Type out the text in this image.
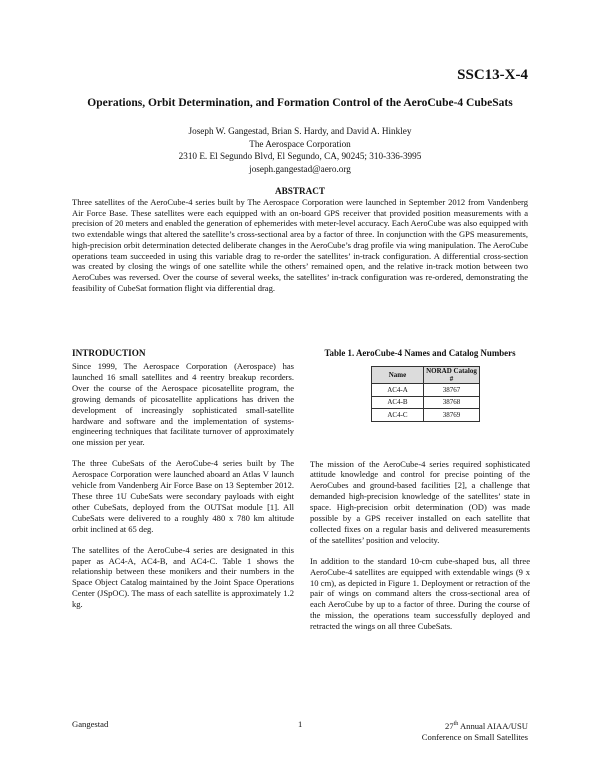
SSC13-X-4
Operations, Orbit Determination, and Formation Control of the AeroCube-4 CubeSats
Joseph W. Gangestad, Brian S. Hardy, and David A. Hinkley
The Aerospace Corporation
2310 E. El Segundo Blvd, El Segundo, CA, 90245; 310-336-3995
joseph.gangestad@aero.org
ABSTRACT

Three satellites of the AeroCube-4 series built by The Aerospace Corporation were launched in September 2012 from Vandenberg Air Force Base. These satellites were each equipped with an on-board GPS receiver that provided position measurements with a precision of 20 meters and enabled the generation of ephemerides with meter-level accuracy. Each AeroCube was also equipped with two extendable wings that altered the satellite’s cross-sectional area by a factor of three. In conjunction with the GPS measurements, high-precision orbit determination detected deliberate changes in the AeroCube’s drag profile via wing manipulation. The AeroCube operations team succeeded in using this variable drag to re-order the satellites’ in-track configuration. A differential cross-section was created by closing the wings of one satellite while the others’ remained open, and the relative in-track motion between two AeroCubes was reversed. Over the course of several weeks, the satellites’ in-track configuration was re-ordered, demonstrating the feasibility of CubeSat formation flight via differential drag.

INTRODUCTION

Since 1999, The Aerospace Corporation (Aerospace) has launched 16 small satellites and 4 reentry breakup recorders. Over the course of the Aerospace picosatellite program, the growing demands of picosatellite applications has driven the development of increasingly sophisticated small-satellite hardware and software and the implementation of systems-engineering techniques that facilitate turnover of approximately one mission per year.

The three CubeSats of the AeroCube-4 series built by The Aerospace Corporation were launched aboard an Atlas V launch vehicle from Vandenberg Air Force Base on 13 September 2012. These three 1U CubeSats were secondary payloads with eight other CubeSats, deployed from the OUTSat module [1]. All CubeSats were delivered to a roughly 480 x 780 km altitude orbit inclined at 65 deg.

The satellites of the AeroCube-4 series are designated in this paper as AC4-A, AC4-B, and AC4-C. Table 1 shows the relationship between these monikers and their numbers in the Space Object Catalog maintained by the Joint Space Operations Center (JSpOC). The mass of each satellite is approximately 1.2 kg.

Table 1. AeroCube-4 Names and Catalog Numbers
Name	NORAD Catalog #
AC4-A	38767
AC4-B	38768
AC4-C	38769

The mission of the AeroCube-4 series required sophisticated attitude knowledge and control for precise pointing of the AeroCubes and ground-based facilities [2], a challenge that demanded high-precision knowledge of the satellites’ state in space. High-precision orbit determination (OD) was made possible by a GPS receiver installed on each satellite that collected fixes on a regular basis and delivered measurements of the satellites’ position and velocity.

In addition to the standard 10-cm cube-shaped bus, all three AeroCube-4 satellites are equipped with extendable wings (9 x 10 cm), as depicted in Figure 1. Deployment or retraction of the pair of wings on command alters the cross-sectional area of each AeroCube by up to a factor of three. During the course of the mission, the operations team successfully deployed and retracted the wings on all three CubeSats.

Gangestad	1	27th Annual AIAA/USU
Conference on Small Satellites
